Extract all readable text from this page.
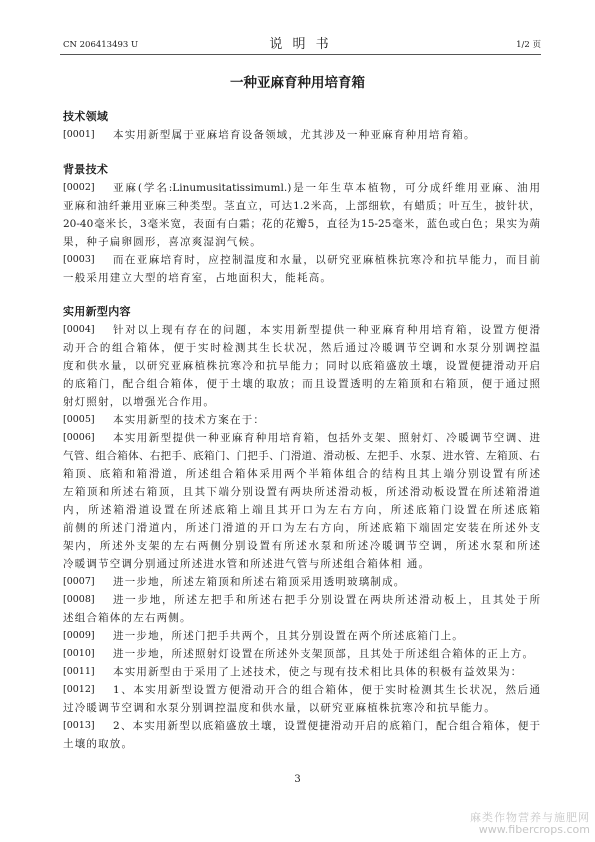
CN 206413493 U	说 明 书	1/2 页
一种亚麻育种用培育箱
技术领域
[0001]	本实用新型属于亚麻培育设备领域，尤其涉及一种亚麻育种用培育箱。
背景技术
[0002]	亚麻(学名:Linumusitatissimuml.)是一年生草本植物，可分成纤维用亚麻、油用
亚麻和油纤兼用亚麻三种类型。茎直立，可达1.2米高，上部细软，有蜡质；叶互生，披针状，
20-40毫米长，3毫米宽，表面有白霜；花的花瓣5，直径为15-25毫米，蓝色或白色；果实为蒴
果，种子扁卵圆形，喜凉爽湿润气候。
[0003]	而在亚麻培育时，应控制温度和水量，以研究亚麻植株抗寒冷和抗旱能力，而目前
一般采用建立大型的培育室，占地面积大，能耗高。
实用新型内容
[0004]	针对以上现有存在的问题，本实用新型提供一种亚麻育种用培育箱，设置方便滑
动开合的组合箱体，便于实时检测其生长状况，然后通过冷暖调节空调和水泵分别调控温
度和供水量，以研究亚麻植株抗寒冷和抗旱能力；同时以底箱盛放土壤，设置便捷滑动开启
的底箱门，配合组合箱体，便于土壤的取放；而且设置透明的左箱顶和右箱顶，便于通过照
射灯照射，以增强光合作用。
[0005]	本实用新型的技术方案在于：
[0006]	本实用新型提供一种亚麻育种用培育箱，包括外支架、照射灯、冷暖调节空调、进
气管、组合箱体、右把手、底箱门、门把手、门滑道、滑动板、左把手、水泵、进水管、左箱顶、右
箱顶、底箱和箱滑道，所述组合箱体采用两个半箱体组合的结构且其上端分别设置有所述
左箱顶和所述右箱顶，且其下端分别设置有两块所述滑动板，所述滑动板设置在所述箱滑道
内，所述箱滑道设置在所述底箱上端且其开口为左右方向，所述底箱门设置在所述底箱
前侧的所述门滑道内，所述门滑道的开口为左右方向，所述底箱下端固定安装在所述外支
架内，所述外支架的左右两侧分别设置有所述水泵和所述冷暖调节空调，所述水泵和所述
冷暖调节空调分别通过所述进水管和所述进气管与所述组合箱体相 通。
[0007]	进一步地，所述左箱顶和所述右箱顶采用透明玻璃制成。
[0008]	进一步地，所述左把手和所述右把手分别设置在两块所述滑动板上，且其处于所
述组合箱体的左右两侧。
[0009]	进一步地，所述门把手共两个，且其分别设置在两个所述底箱门上。
[0010]	进一步地，所述照射灯设置在所述外支架顶部，且其处于所述组合箱体的正上方。
[0011]	本实用新型由于采用了上述技术，使之与现有技术相比具体的积极有益效果为：
[0012]	1、本实用新型设置方便滑动开合的组合箱体，便于实时检测其生长状况，然后通
过冷暖调节空调和水泵分别调控温度和供水量，以研究亚麻植株抗寒冷和抗旱能力。
[0013]	2、本实用新型以底箱盛放土壤，设置便捷滑动开启的底箱门，配合组合箱体，便于
土壤的取放。
3
麻类作物营养与施肥网
www.fibercrops.com
